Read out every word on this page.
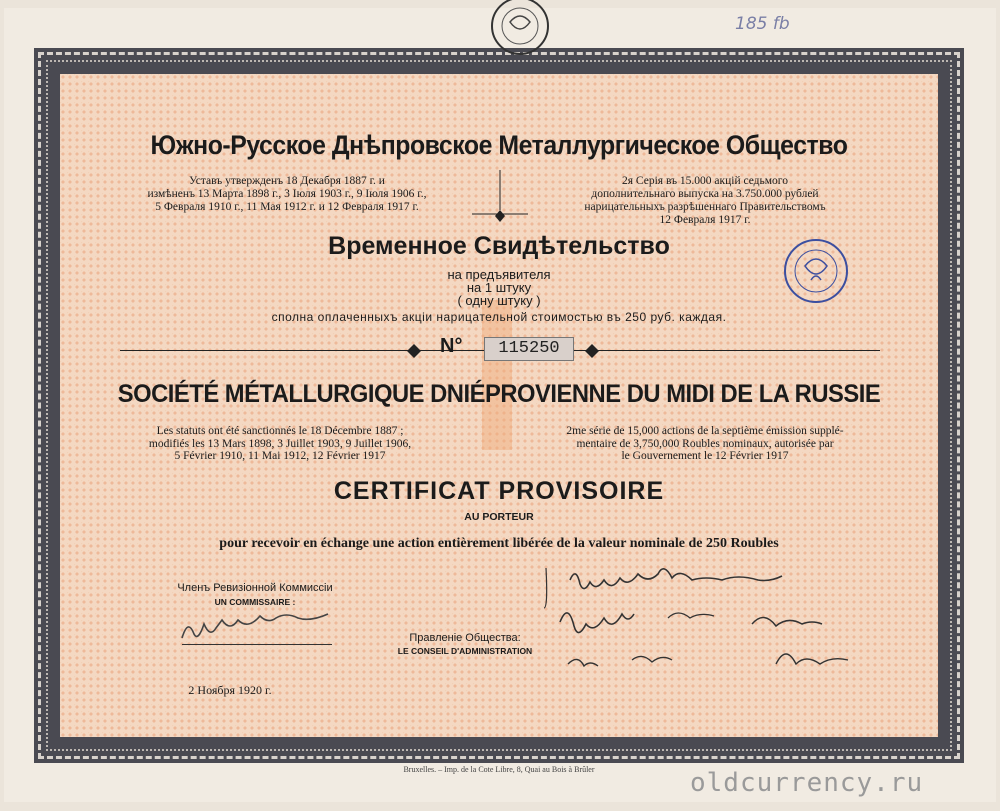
185 fb
Южно-Русское Днѣпровское Металлургическое Общество
Уставъ утвержденъ 18 Декабря 1887 г. и
измѣненъ 13 Марта 1898 г., 3 Iюля 1903 г., 9 Iюля 1906 г.,
5 Февраля 1910 г., 11 Мая 1912 г. и 12 Февраля 1917 г.
2я Серiя въ 15.000 акцiй седьмого
дополнительнаго выпуска на 3.750.000 рублей
нарицательныхъ разрѣшеннаго Правительствомъ
12 Февраля 1917 г.
Временное Свидѣтельство
на предъявителя
на 1 штуку
( одну штуку )
сполна оплаченныхъ акцiи нарицательной стоимостью въ 250 руб. каждая.
N°	115250
SOCIÉTÉ MÉTALLURGIQUE DNIÉPROVIENNE DU MIDI DE LA RUSSIE
Les statuts ont été sanctionnés le 18 Décembre 1887 ;
modifiés les 13 Mars 1898, 3 Juillet 1903, 9 Juillet 1906,
5 Février 1910, 11 Mai 1912, 12 Février 1917
2me série de 15,000 actions de la septième émission supplé-
mentaire de 3,750,000 Roubles nominaux, autorisée par
le Gouvernement le 12 Février 1917
CERTIFICAT PROVISOIRE
AU PORTEUR
pour recevoir en échange une action entièrement libérée de la valeur nominale de 250 Roubles
Членъ Ревизiонной Коммиссiи
UN COMMISSAIRE :
Правленiе Общества:
LE CONSEIL D'ADMINISTRATION
2 Ноября 1920 г.
Bruxelles. – Imp. de la Cote Libre, 8, Quai au Bois à Brûler	oldcurrency.ru
